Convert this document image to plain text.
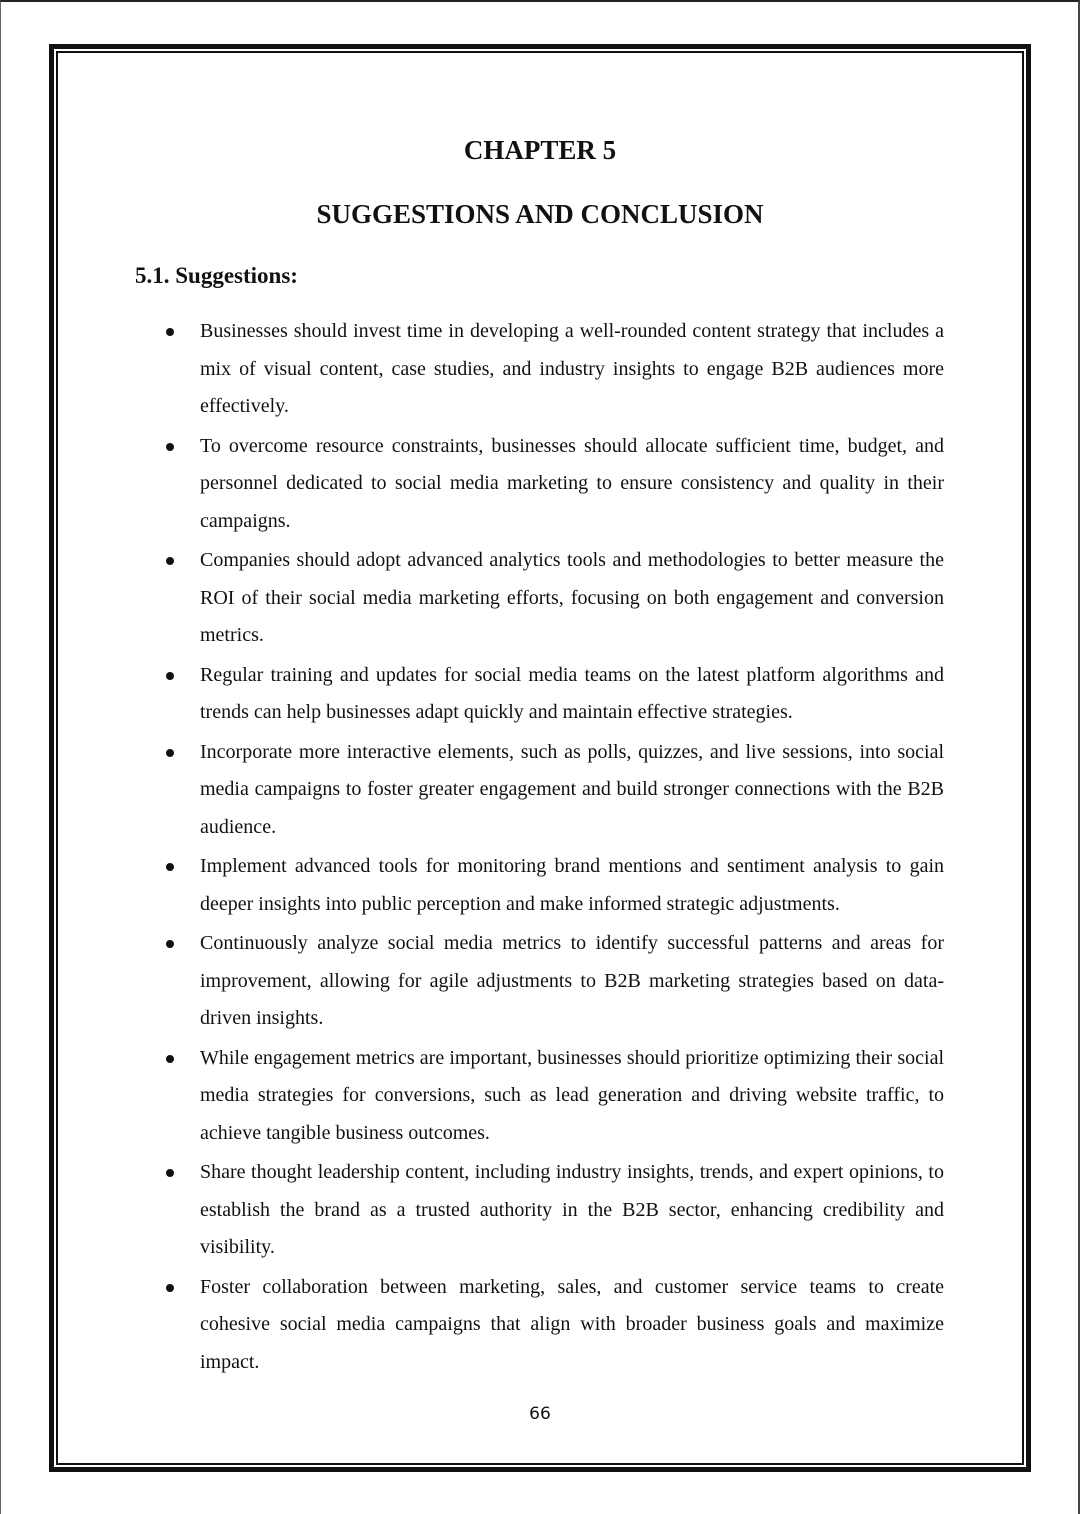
CHAPTER 5
SUGGESTIONS AND CONCLUSION
5.1. Suggestions:
Businesses should invest time in developing a well-rounded content strategy that includes a mix of visual content, case studies, and industry insights to engage B2B audiences more effectively.
To overcome resource constraints, businesses should allocate sufficient time, budget, and personnel dedicated to social media marketing to ensure consistency and quality in their campaigns.
Companies should adopt advanced analytics tools and methodologies to better measure the ROI of their social media marketing efforts, focusing on both engagement and conversion metrics.
Regular training and updates for social media teams on the latest platform algorithms and trends can help businesses adapt quickly and maintain effective strategies.
Incorporate more interactive elements, such as polls, quizzes, and live sessions, into social media campaigns to foster greater engagement and build stronger connections with the B2B audience.
Implement advanced tools for monitoring brand mentions and sentiment analysis to gain deeper insights into public perception and make informed strategic adjustments.
Continuously analyze social media metrics to identify successful patterns and areas for improvement, allowing for agile adjustments to B2B marketing strategies based on data-driven insights.
While engagement metrics are important, businesses should prioritize optimizing their social media strategies for conversions, such as lead generation and driving website traffic, to achieve tangible business outcomes.
Share thought leadership content, including industry insights, trends, and expert opinions, to establish the brand as a trusted authority in the B2B sector, enhancing credibility and visibility.
Foster collaboration between marketing, sales, and customer service teams to create cohesive social media campaigns that align with broader business goals and maximize impact.
66
